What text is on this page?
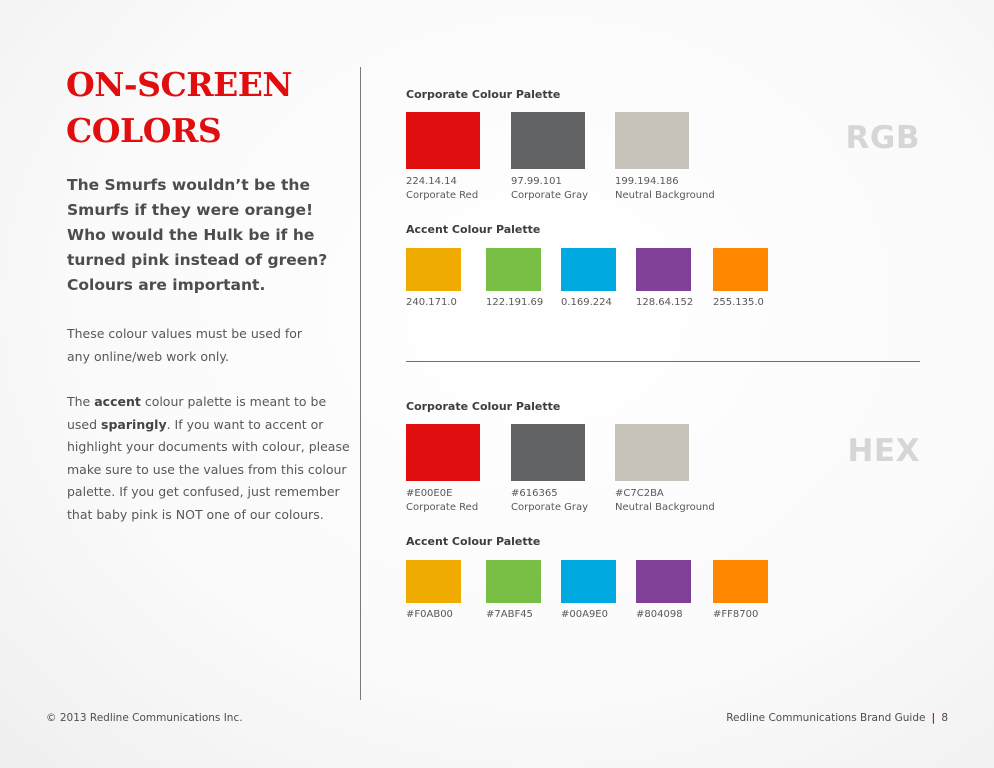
ON-SCREEN
COLORS

The Smurfs wouldn’t be the
Smurfs if they were orange!
Who would the Hulk be if he
turned pink instead of green?
Colours are important.

These colour values must be used for
any online/web work only.

The accent colour palette is meant to be
used sparingly. If you want to accent or
highlight your documents with colour, please
make sure to use the values from this colour
palette. If you get confused, just remember
that baby pink is NOT one of our colours.

Corporate Colour Palette

RGB
224.14.14
Corporate Red
97.99.101
Corporate Gray
199.194.186
Neutral Background

Accent Colour Palette

240.171.0	122.191.69 0.169.224 128.64.152 255.135.0

Corporate Colour Palette

HEX
#E00E0E
Corporate Red
#616365
Corporate Gray
#C7C2BA
Neutral Background

Accent Colour Palette

#F0AB00	#7ABF45	#00A9E0	#804098	#FF8700

© 2013 Redline Communications Inc.	Redline Communications Brand Guide | 8
